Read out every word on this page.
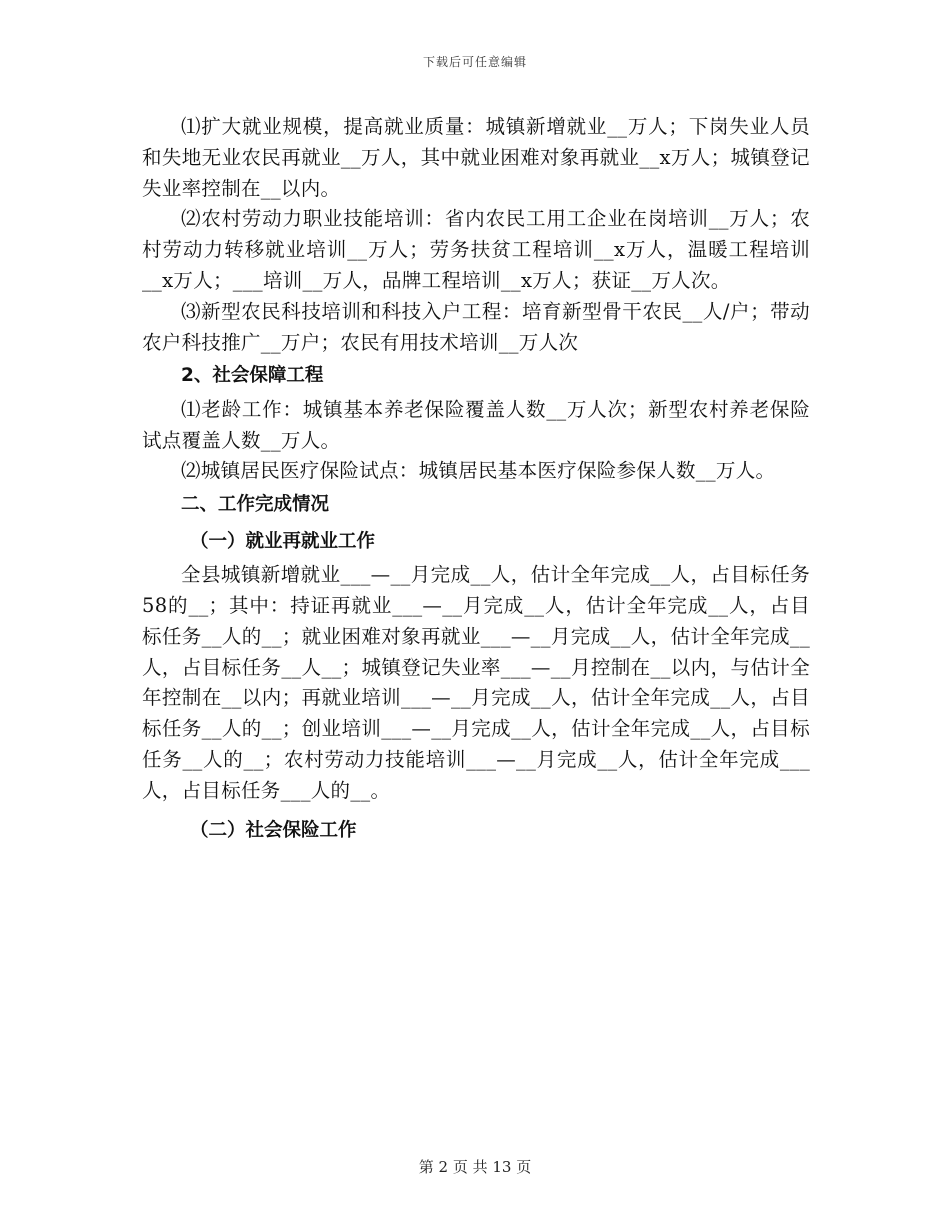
下载后可任意编辑

⑴扩大就业规模，提高就业质量：城镇新增就业__万人；下岗失业人员和失地无业农民再就业__万人，其中就业困难对象再就业__x万人；城镇登记失业率控制在__以内。

⑵农村劳动力职业技能培训：省内农民工用工企业在岗培训__万人；农村劳动力转移就业培训__万人；劳务扶贫工程培训__x万人，温暖工程培训__x万人；___培训__万人，品牌工程培训__x万人；获证__万人次。

⑶新型农民科技培训和科技入户工程：培育新型骨干农民__人/户；带动农户科技推广__万户；农民有用技术培训__万人次

2、社会保障工程

⑴老龄工作：城镇基本养老保险覆盖人数__万人次；新型农村养老保险试点覆盖人数__万人。

⑵城镇居民医疗保险试点：城镇居民基本医疗保险参保人数__万人。

二、工作完成情况

（一）就业再就业工作

全县城镇新增就业___—__月完成__人，估计全年完成__人，占目标任务58的__；其中：持证再就业___—__月完成__人，估计全年完成__人，占目标任务__人的__；就业困难对象再就业___—__月完成__人，估计全年完成__人，占目标任务__人__；城镇登记失业率___—__月控制在__以内，与估计全年控制在__以内；再就业培训___—__月完成__人，估计全年完成__人，占目标任务__人的__；创业培训___—__月完成__人，估计全年完成__人，占目标任务__人的__；农村劳动力技能培训___—__月完成__人，估计全年完成___人，占目标任务___人的__。

（二）社会保险工作

第 2 页 共 13 页
